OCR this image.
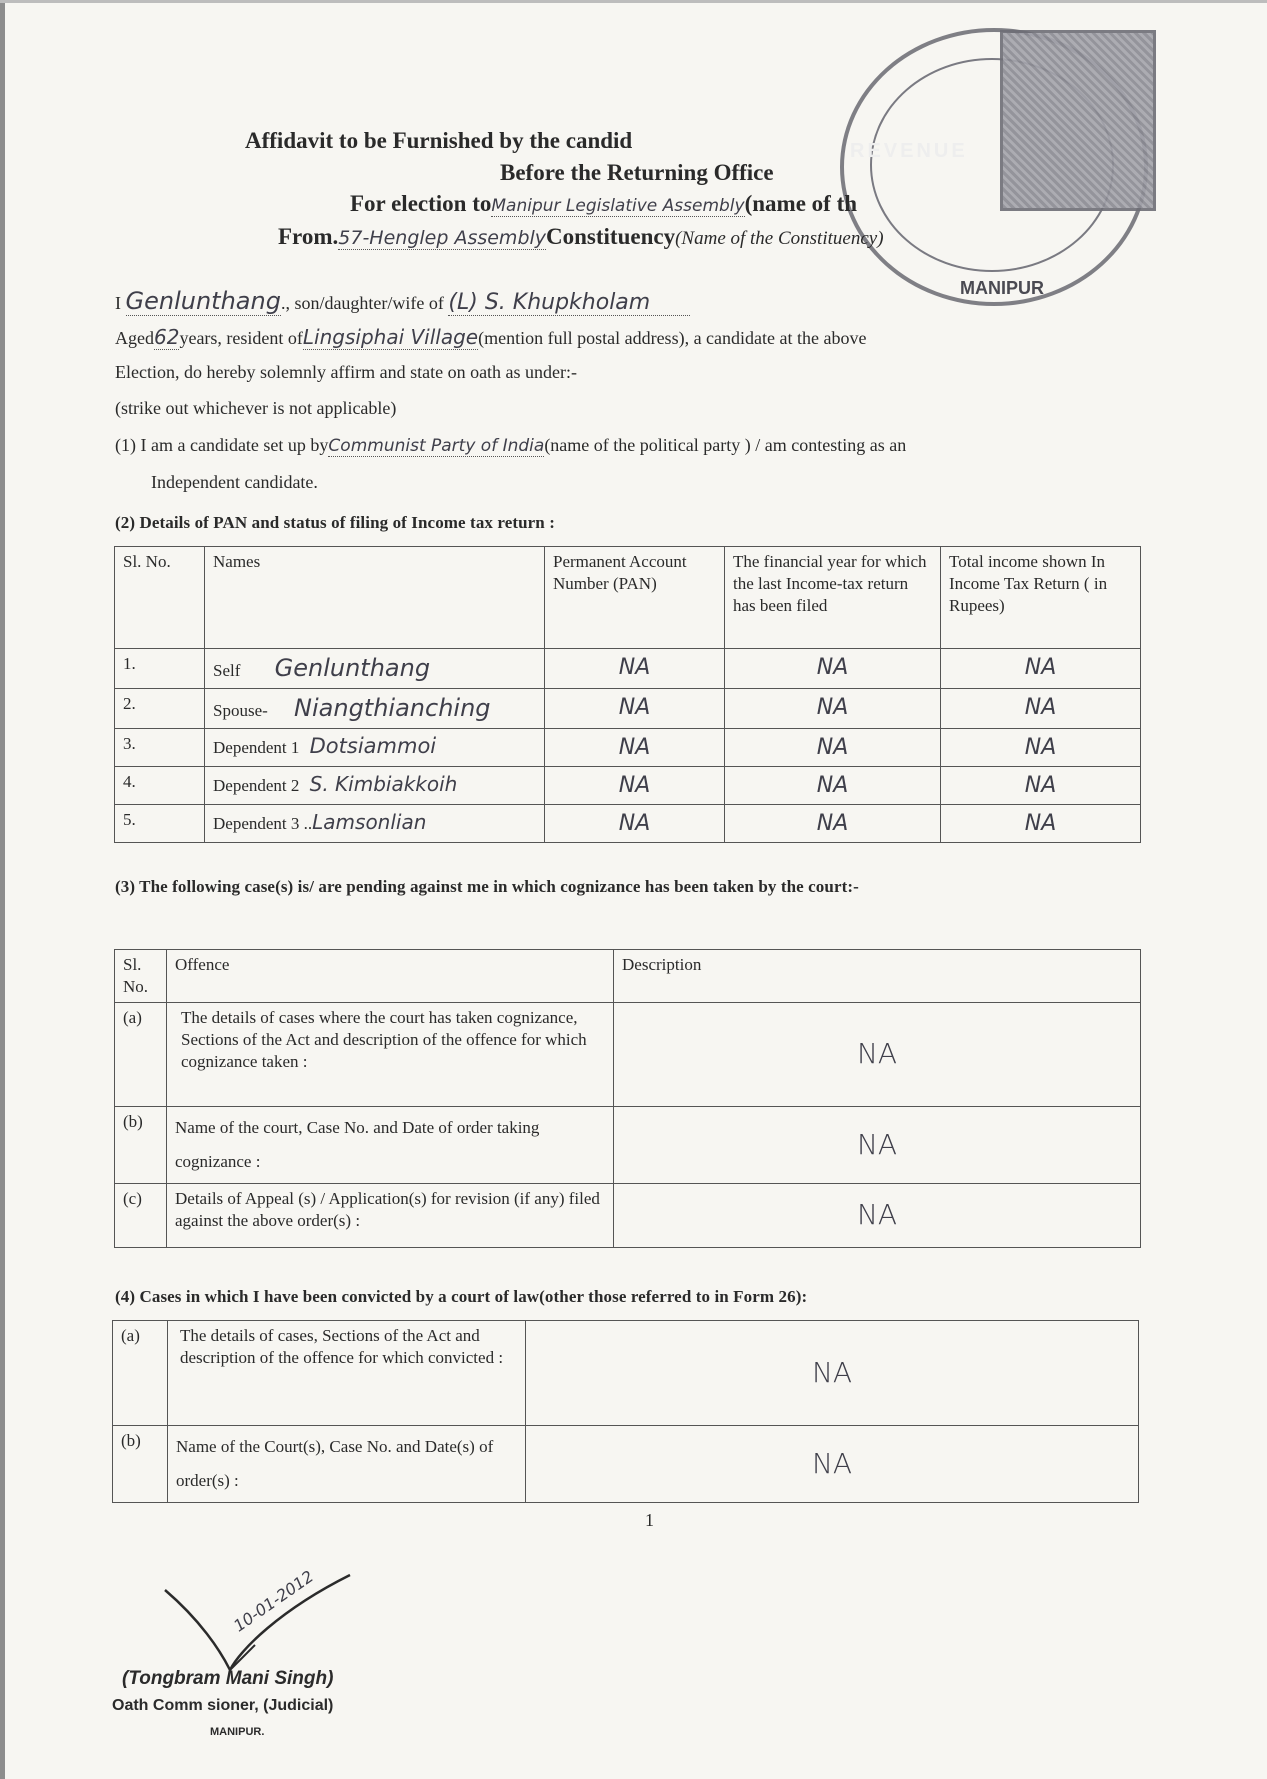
REVENUE
MANIPUR
Affidavit to be Furnished by the candid
Before the Returning Office
For election toManipur Legislative Assembly(name of th
From.57-Henglep AssemblyConstituency(Name of the Constituency)
I Genlunthang., son/daughter/wife of (L) S. Khupkholam
Aged62years, resident ofLingsiphai Village(mention full postal address), a candidate at the above
Election, do hereby solemnly affirm and state on oath as under:-
(strike out whichever is not applicable)
(1) I am a candidate set up byCommunist Party of India(name of the political party ) / am contesting as an
Independent candidate.
(2) Details of PAN and status of filing of Income tax return :
Sl. No.	Names	Permanent Account Number (PAN)	The financial year for which the last Income-tax return has been filed	Total income shown In Income Tax Return ( in Rupees)
1.	Self Genlunthang	NA	NA	NA
2.	Spouse- Niangthianching	NA	NA	NA
3.	Dependent 1 Dotsiammoi	NA	NA	NA
4.	Dependent 2 S. Kimbiakkoih	NA	NA	NA
5.	Dependent 3 ..Lamsonlian	NA	NA	NA
(3) The following case(s) is/ are pending against me in which cognizance has been taken by the court:-
Sl. No.	Offence	Description
(a)	The details of cases where the court has taken cognizance, Sections of the Act and description of the offence for which cognizance taken :	NA
(b)	Name of the court, Case No. and Date of order taking cognizance :	NA
(c)	Details of Appeal (s) / Application(s) for revision (if any) filed against the above order(s) :	NA
(4) Cases in which I have been convicted by a court of law(other those referred to in Form 26):
(a)	The details of cases, Sections of the Act and description of the offence for which convicted :	NA
(b)	Name of the Court(s), Case No. and Date(s) of order(s) :	NA
1
10-01-2012
(Tongbram Mani Singh)
Oath Comm sioner, (Judicial)
MANIPUR.
